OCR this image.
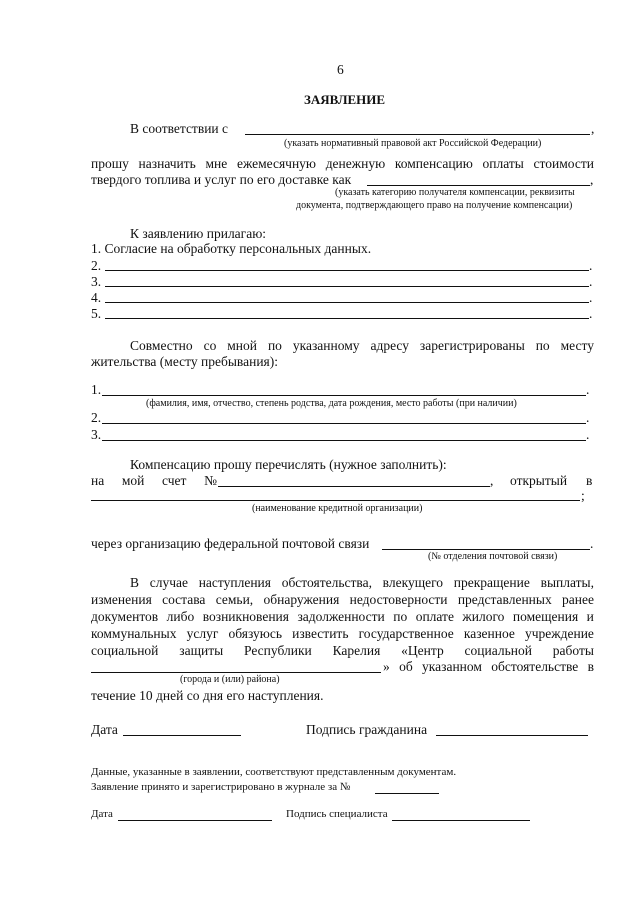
6
ЗАЯВЛЕНИЕ
В соответствии с	,
(указать нормативный правовой акт Российской Федерации)
прошу назначить мне ежемесячную денежную компенсацию оплаты стоимости
твердого топлива и услуг по его доставке как	,
(указать категорию получателя компенсации, реквизиты
документа, подтверждающего право на получение компенсации)
К заявлению прилагаю:
1. Согласие на обработку персональных данных.
2.	.
3.	.
4.	.
5.	.
Совместно со мной по указанному адресу зарегистрированы по месту
жительства (месту пребывания):
1.	.
(фамилия, имя, отчество, степень родства, дата рождения, место работы (при наличии)
2.	.
3.	.
Компенсацию прошу перечислять (нужное заполнить):
на мой счет №	, открытый в
;
(наименование кредитной организации)
через организацию федеральной почтовой связи	.
(№ отделения почтовой связи)
В случае наступления обстоятельства, влекущего прекращение выплаты,
изменения состава семьи, обнаружения недостоверности представленных ранее
документов либо возникновения задолженности по оплате жилого помещения и
коммунальных услуг обязуюсь известить государственное казенное учреждение
социальной защиты Республики Карелия «Центр социальной работы
» об указанном обстоятельстве в
(города и (или) района)
течение 10 дней со дня его наступления.
Дата	Подпись гражданина
Данные, указанные в заявлении, соответствуют представленным документам.
Заявление принято и зарегистрировано в журнале за №
Дата	Подпись специалиста
